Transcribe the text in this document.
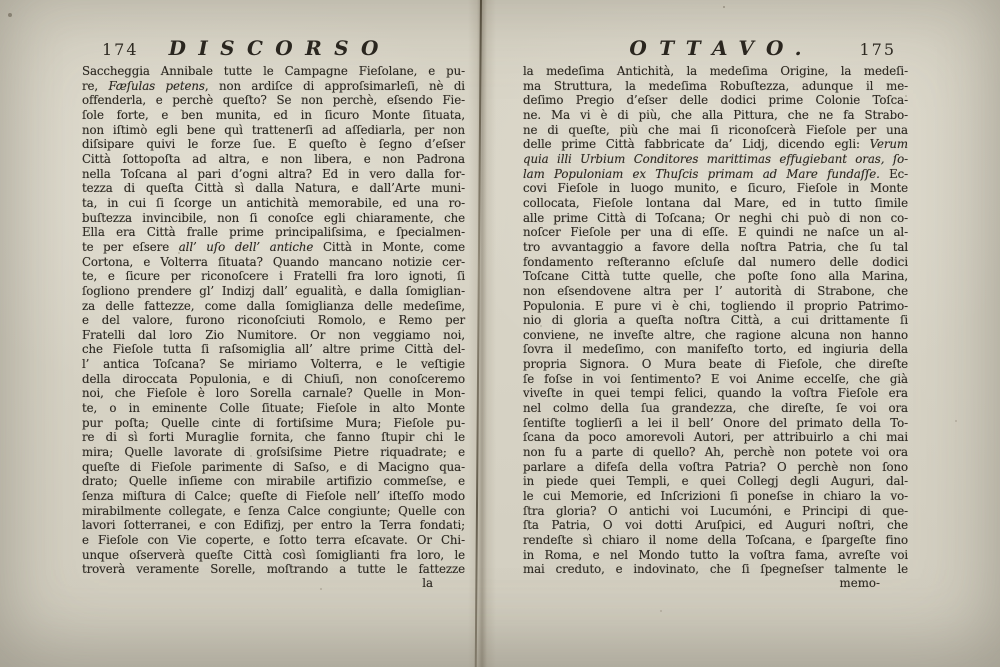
174	DISCORSO
Saccheggia Annibale tutte le Campagne Fieſolane, e pu-
re, Fæſulas petens, non ardiſce di approſsimarleſi, nè di
offenderla, e perchè queſto? Se non perchè, eſsendo Fie-
ſole forte, e ben munita, ed in ſicuro Monte ſituata,
non iſtimò egli bene quì trattenerſi ad aſſediarla, per non
diſsipare quivi le forze ſue. E queſto è ſegno d’eſser
Città ſottopoſta ad altra, e non libera, e non Padrona
nella Toſcana al pari d’ogni altra? Ed in vero dalla for-
tezza di queſta Città sì dalla Natura, e dall’Arte muni-
ta, in cui ſi ſcorge un antichità memorabile, ed una ro-
buſtezza invincibile, non ſi conoſce egli chiaramente, che
Ella era Città fralle prime principaliſsima, e ſpecialmen-
te per eſsere all’ uſo dell’ antiche Città in Monte, come
Cortona, e Volterra ſituata? Quando mancano notizie cer-
te, e ſicure per riconoſcere i Fratelli fra loro ignoti, ſi
ſogliono prendere gl’ Indizj dall’ egualità, e dalla ſomiglian-
za delle fattezze, come dalla ſomiglianza delle medeſime,
e del valore, furono riconoſciuti Romolo, e Remo per
Fratelli dal loro Zio Numitore. Or non veggiamo noi,
che Fieſole tutta ſi raſsomiglia all’ altre prime Città del-
l’ antica Toſcana? Se miriamo Volterra, e le veſtigie
della diroccata Populonia, e di Chiuſi, non conoſceremo
noi, che Fieſole è loro Sorella carnale? Quelle in Mon-
te, o in eminente Colle ſituate; Fieſole in alto Monte
pur poſta; Quelle cinte di fortiſsime Mura; Fieſole pu-
re di sì forti Muraglie fornita, che fanno ſtupir chi le
mira; Quelle lavorate di groſsiſsime Pietre riquadrate; e
queſte di Fieſole parimente di Saſso, e di Macigno qua-
drato; Quelle inſieme con mirabile artifizio commeſse, e
ſenza miſtura di Calce; queſte di Fieſole nell’ iſteſſo modo
mirabilmente collegate, e ſenza Calce congiunte; Quelle con
lavori ſotterranei, e con Edifizj, per entro la Terra fondati;
e Fieſole con Vie coperte, e ſotto terra eſcavate. Or Chi-
unque oſserverà queſte Città così ſomiglianti fra loro, le
troverà veramente Sorelle, moſtrando a tutte le fattezze
la
OTTAVO.	175
la medeſima Antichità, la medeſima Origine, la medeſi-
ma Struttura, la medeſima Robuſtezza, adunque il me-
deſimo Pregio d’eſser delle dodici prime Colonie Toſca-
ne. Ma vi è di più, che alla Pittura, che ne fa Strabo-
ne di queſte, più che mai ſi riconoſcerà Fieſole per una
delle prime Città fabbricate da’ Lidj, dicendo egli: Verum
quia illi Urbium Conditores marittimas effugiebant oras, ſo-
lam Populoniam ex Thuſcis primam ad Mare fundaſſe. Ec-
covi Fieſole in luogo munito, e ſicuro, Fieſole in Monte
collocata, Fieſole lontana dal Mare, ed in tutto ſimile
alle prime Città di Toſcana; Or neghi chi può di non co-
noſcer Fieſole per una di eſſe. E quindi ne naſce un al-
tro avvantaggio a favore della noſtra Patria, che ſu tal
fondamento reſteranno eſcluſe dal numero delle dodici
Toſcane Città tutte quelle, che poſte ſono alla Marina,
non eſsendovene altra per l’ autorità di Strabone, che
Populonia. E pure vi è chi, togliendo il proprio Patrimo-
nio di gloria a queſta noſtra Città, a cui drittamente ſi
conviene, ne inveſte altre, che ragione alcuna non hanno
ſovra il medeſimo, con manifeſto torto, ed ingiuria della
propria Signora. O Mura beate di Fieſole, che direſte
ſe foſse in voi ſentimento? E voi Anime eccelſe, che già
viveſte in quei tempi felici, quando la voſtra Fieſole era
nel colmo della ſua grandezza, che direſte, ſe voi ora
ſentiſte toglierſi a lei il bell’ Onore del primato della To-
ſcana da poco amorevoli Autori, per attribuirlo a chi mai
non fu a parte di quello? Ah, perchè non potete voi ora
parlare a difeſa della voſtra Patria? O perchè non ſono
in piede quei Templi, e quei Collegj degli Auguri, dal-
le cui Memorie, ed Inſcrizioni ſi poneſse in chiaro la vo-
ſtra gloria? O antichi voi Lucumóni, e Principi di que-
ſta Patria, O voi dotti Aruſpici, ed Auguri noſtri, che
rendeſte sì chiaro il nome della Toſcana, e ſpargeſte fino
in Roma, e nel Mondo tutto la voſtra fama, avreſte voi
mai creduto, e indovinato, che ſi ſpegneſser talmente le
memo-
